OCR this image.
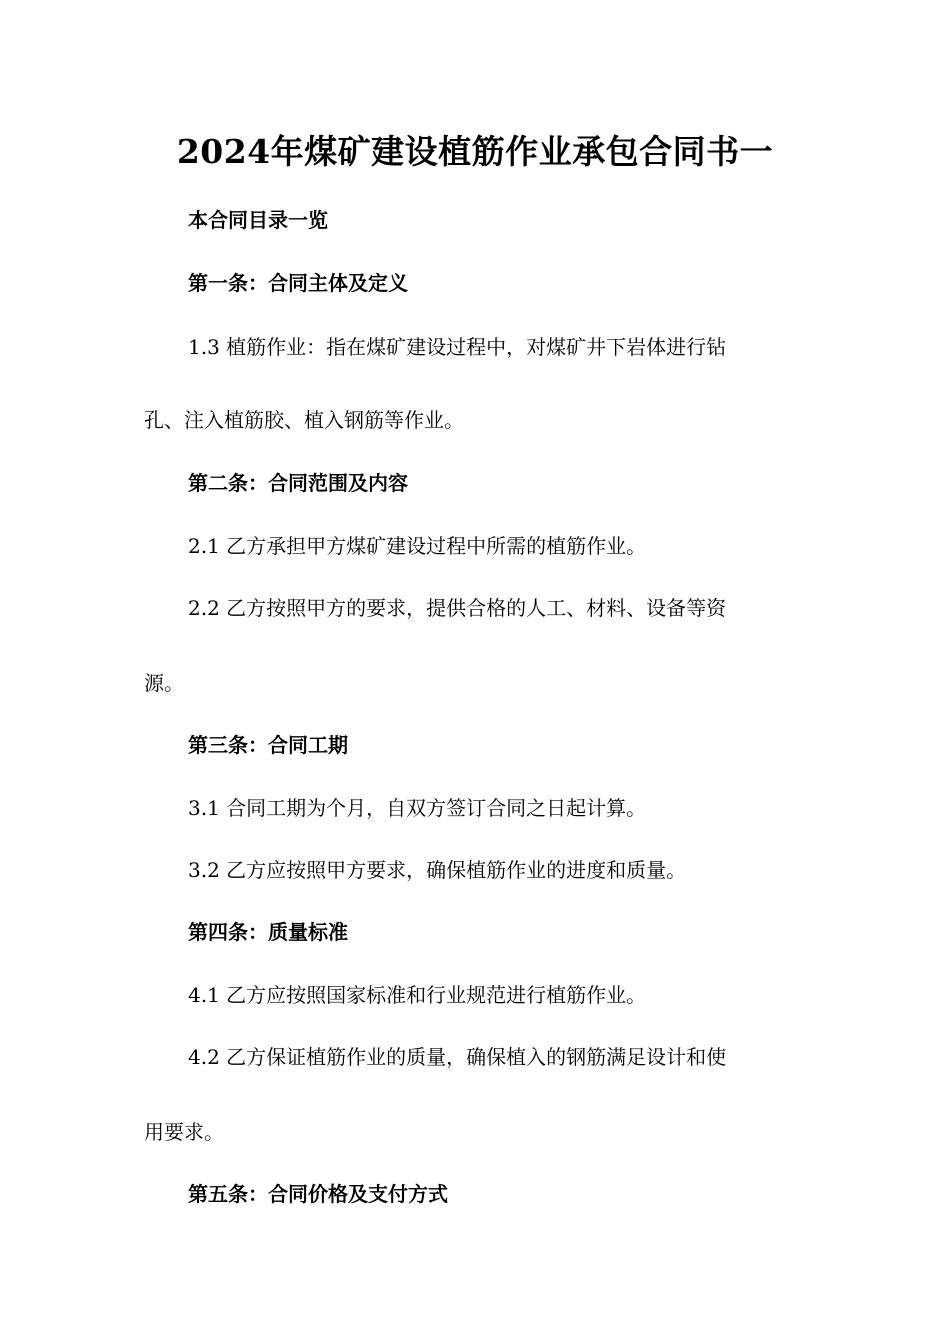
2024年煤矿建设植筋作业承包合同书一
本合同目录一览
第一条：合同主体及定义
1.3 植筋作业：指在煤矿建设过程中，对煤矿井下岩体进行钻
孔、注入植筋胶、植入钢筋等作业。
第二条：合同范围及内容
2.1 乙方承担甲方煤矿建设过程中所需的植筋作业。
2.2 乙方按照甲方的要求，提供合格的人工、材料、设备等资
源。
第三条：合同工期
3.1 合同工期为个月，自双方签订合同之日起计算。
3.2 乙方应按照甲方要求，确保植筋作业的进度和质量。
第四条：质量标准
4.1 乙方应按照国家标准和行业规范进行植筋作业。
4.2 乙方保证植筋作业的质量，确保植入的钢筋满足设计和使
用要求。
第五条：合同价格及支付方式
